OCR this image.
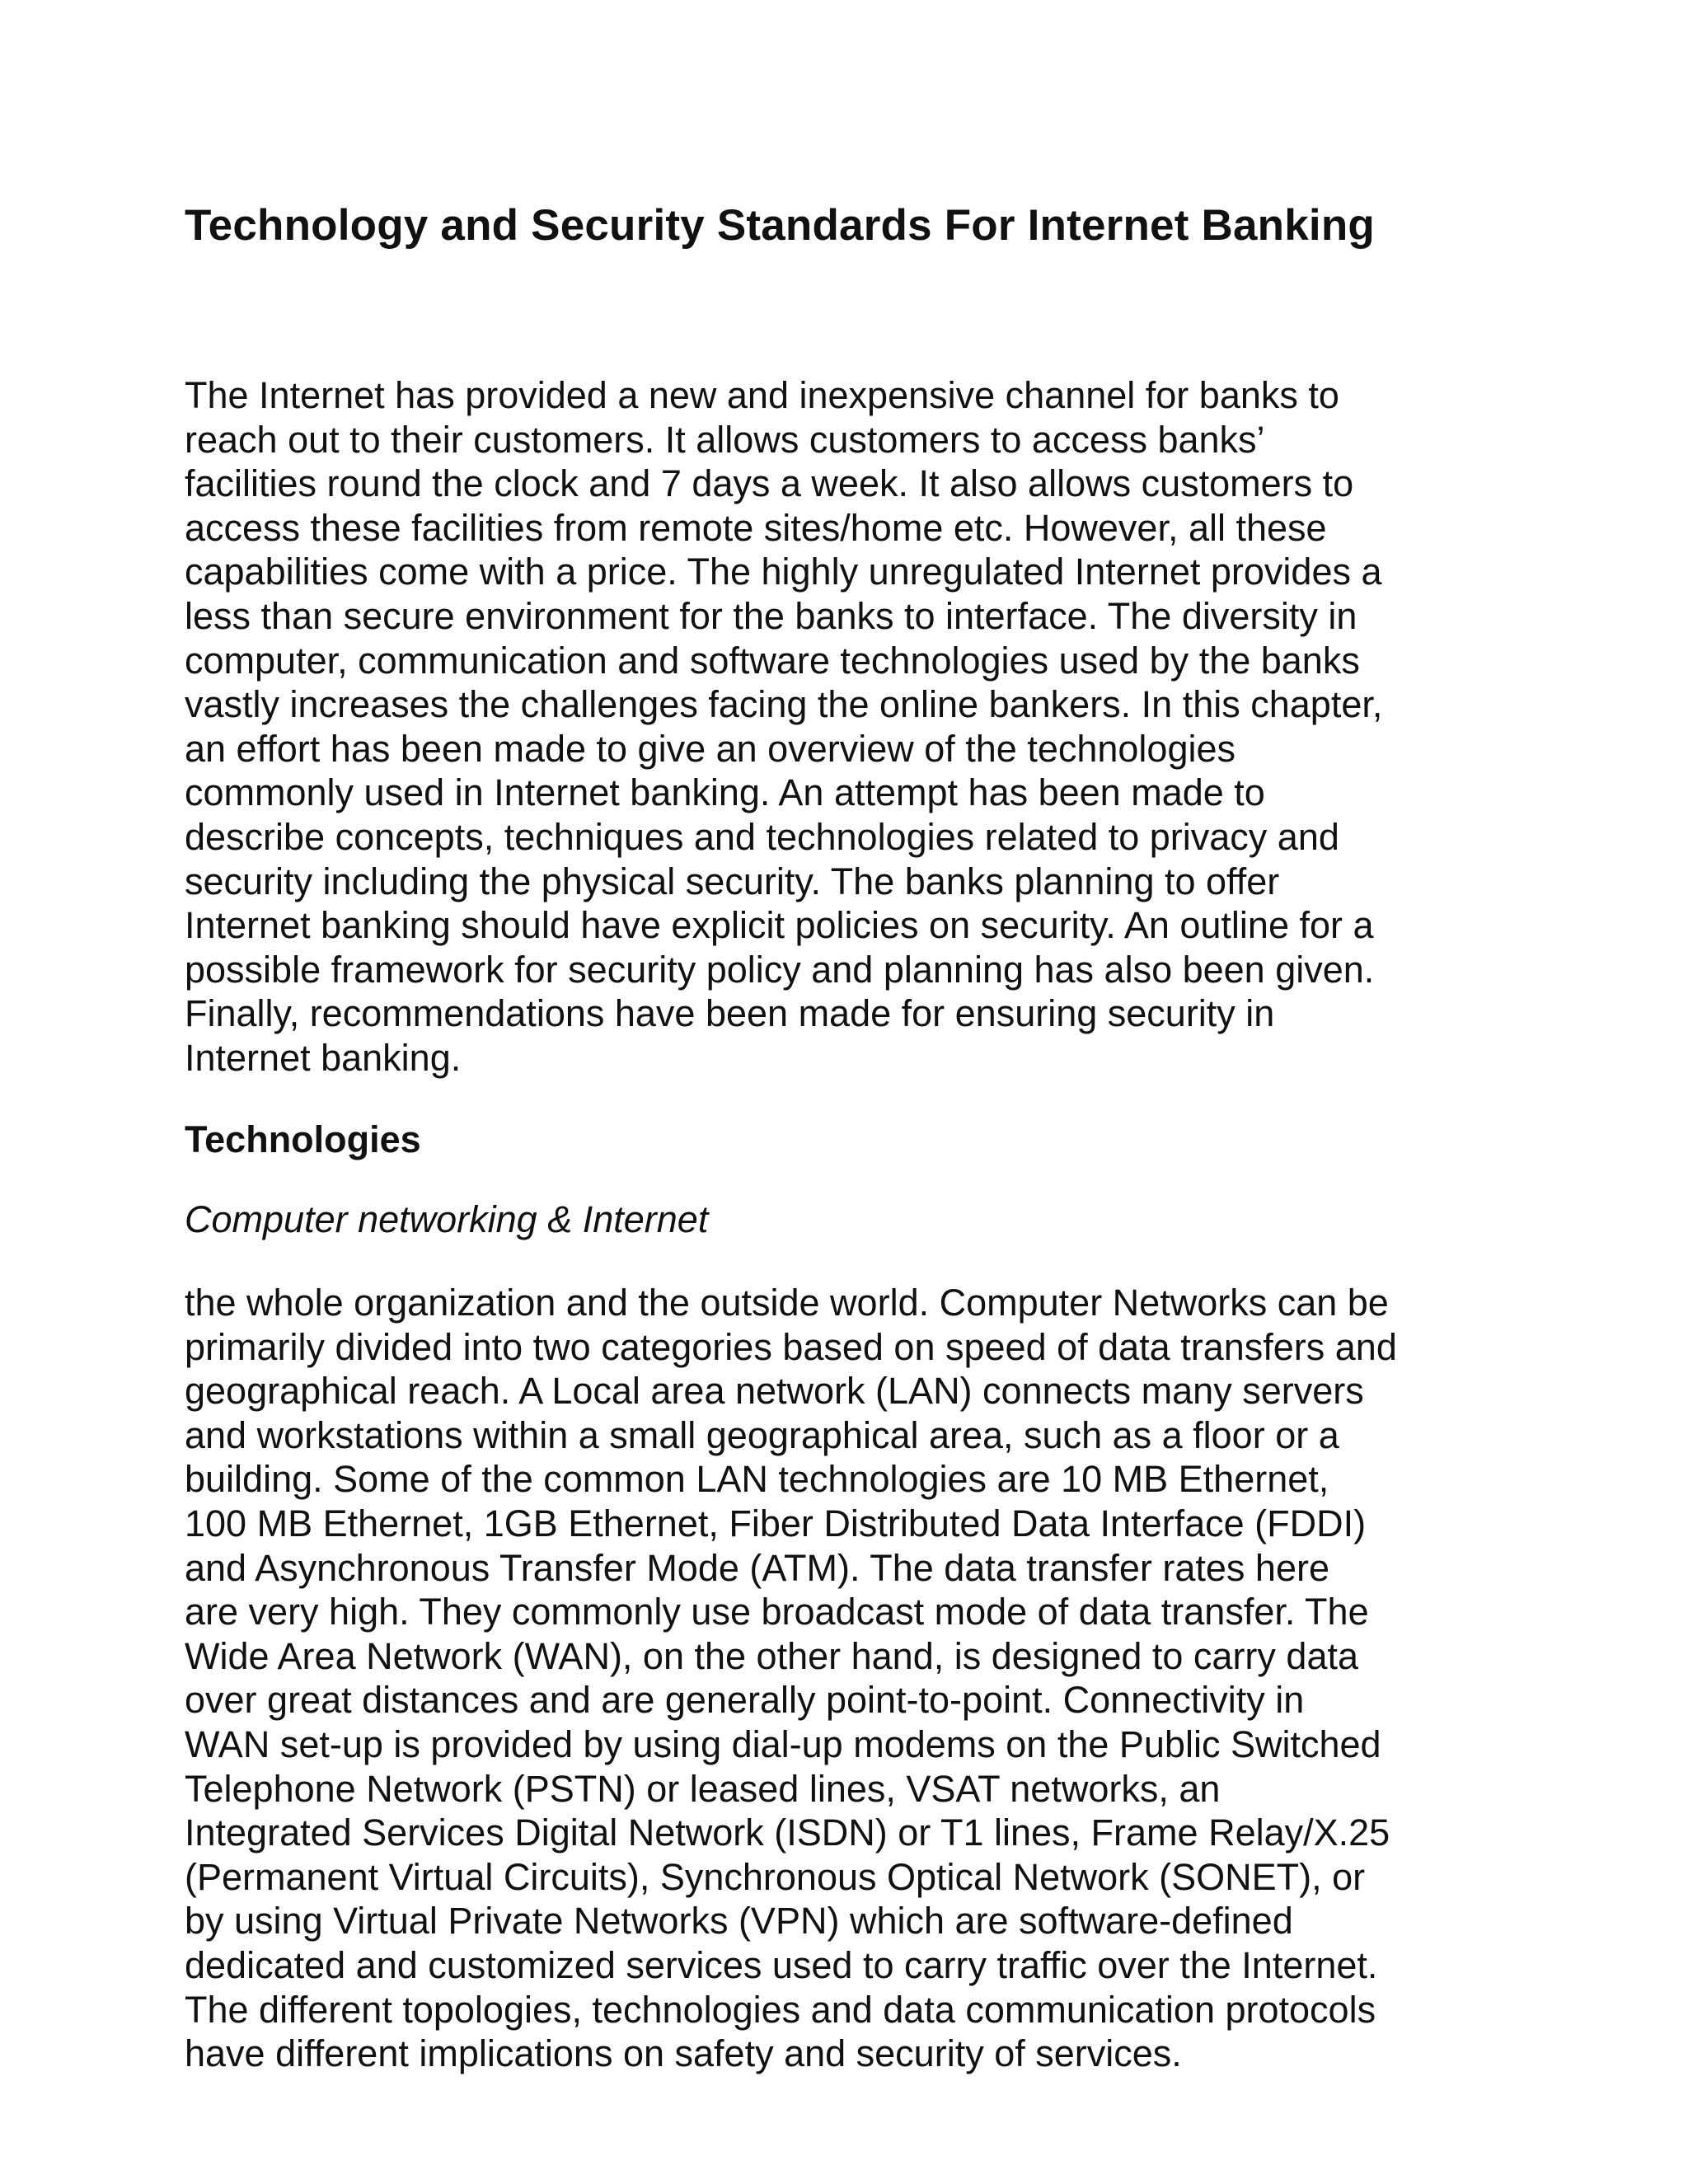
Technology and Security Standards For Internet Banking

The Internet has provided a new and inexpensive channel for banks to
reach out to their customers. It allows customers to access banks’
facilities round the clock and 7 days a week. It also allows customers to
access these facilities from remote sites/home etc. However, all these
capabilities come with a price. The highly unregulated Internet provides a
less than secure environment for the banks to interface. The diversity in
computer, communication and software technologies used by the banks
vastly increases the challenges facing the online bankers. In this chapter,
an effort has been made to give an overview of the technologies
commonly used in Internet banking. An attempt has been made to
describe concepts, techniques and technologies related to privacy and
security including the physical security. The banks planning to offer
Internet banking should have explicit policies on security. An outline for a
possible framework for security policy and planning has also been given.
Finally, recommendations have been made for ensuring security in
Internet banking.

Technologies
Computer networking & Internet

the whole organization and the outside world. Computer Networks can be
primarily divided into two categories based on speed of data transfers and
geographical reach. A Local area network (LAN) connects many servers
and workstations within a small geographical area, such as a floor or a
building. Some of the common LAN technologies are 10 MB Ethernet,
100 MB Ethernet, 1GB Ethernet, Fiber Distributed Data Interface (FDDI)
and Asynchronous Transfer Mode (ATM). The data transfer rates here
are very high. They commonly use broadcast mode of data transfer. The
Wide Area Network (WAN), on the other hand, is designed to carry data
over great distances and are generally point-to-point. Connectivity in
WAN set-up is provided by using dial-up modems on the Public Switched
Telephone Network (PSTN) or leased lines, VSAT networks, an
Integrated Services Digital Network (ISDN) or T1 lines, Frame Relay/X.25
(Permanent Virtual Circuits), Synchronous Optical Network (SONET), or
by using Virtual Private Networks (VPN) which are software-defined
dedicated and customized services used to carry traffic over the Internet.
The different topologies, technologies and data communication protocols
have different implications on safety and security of services.
